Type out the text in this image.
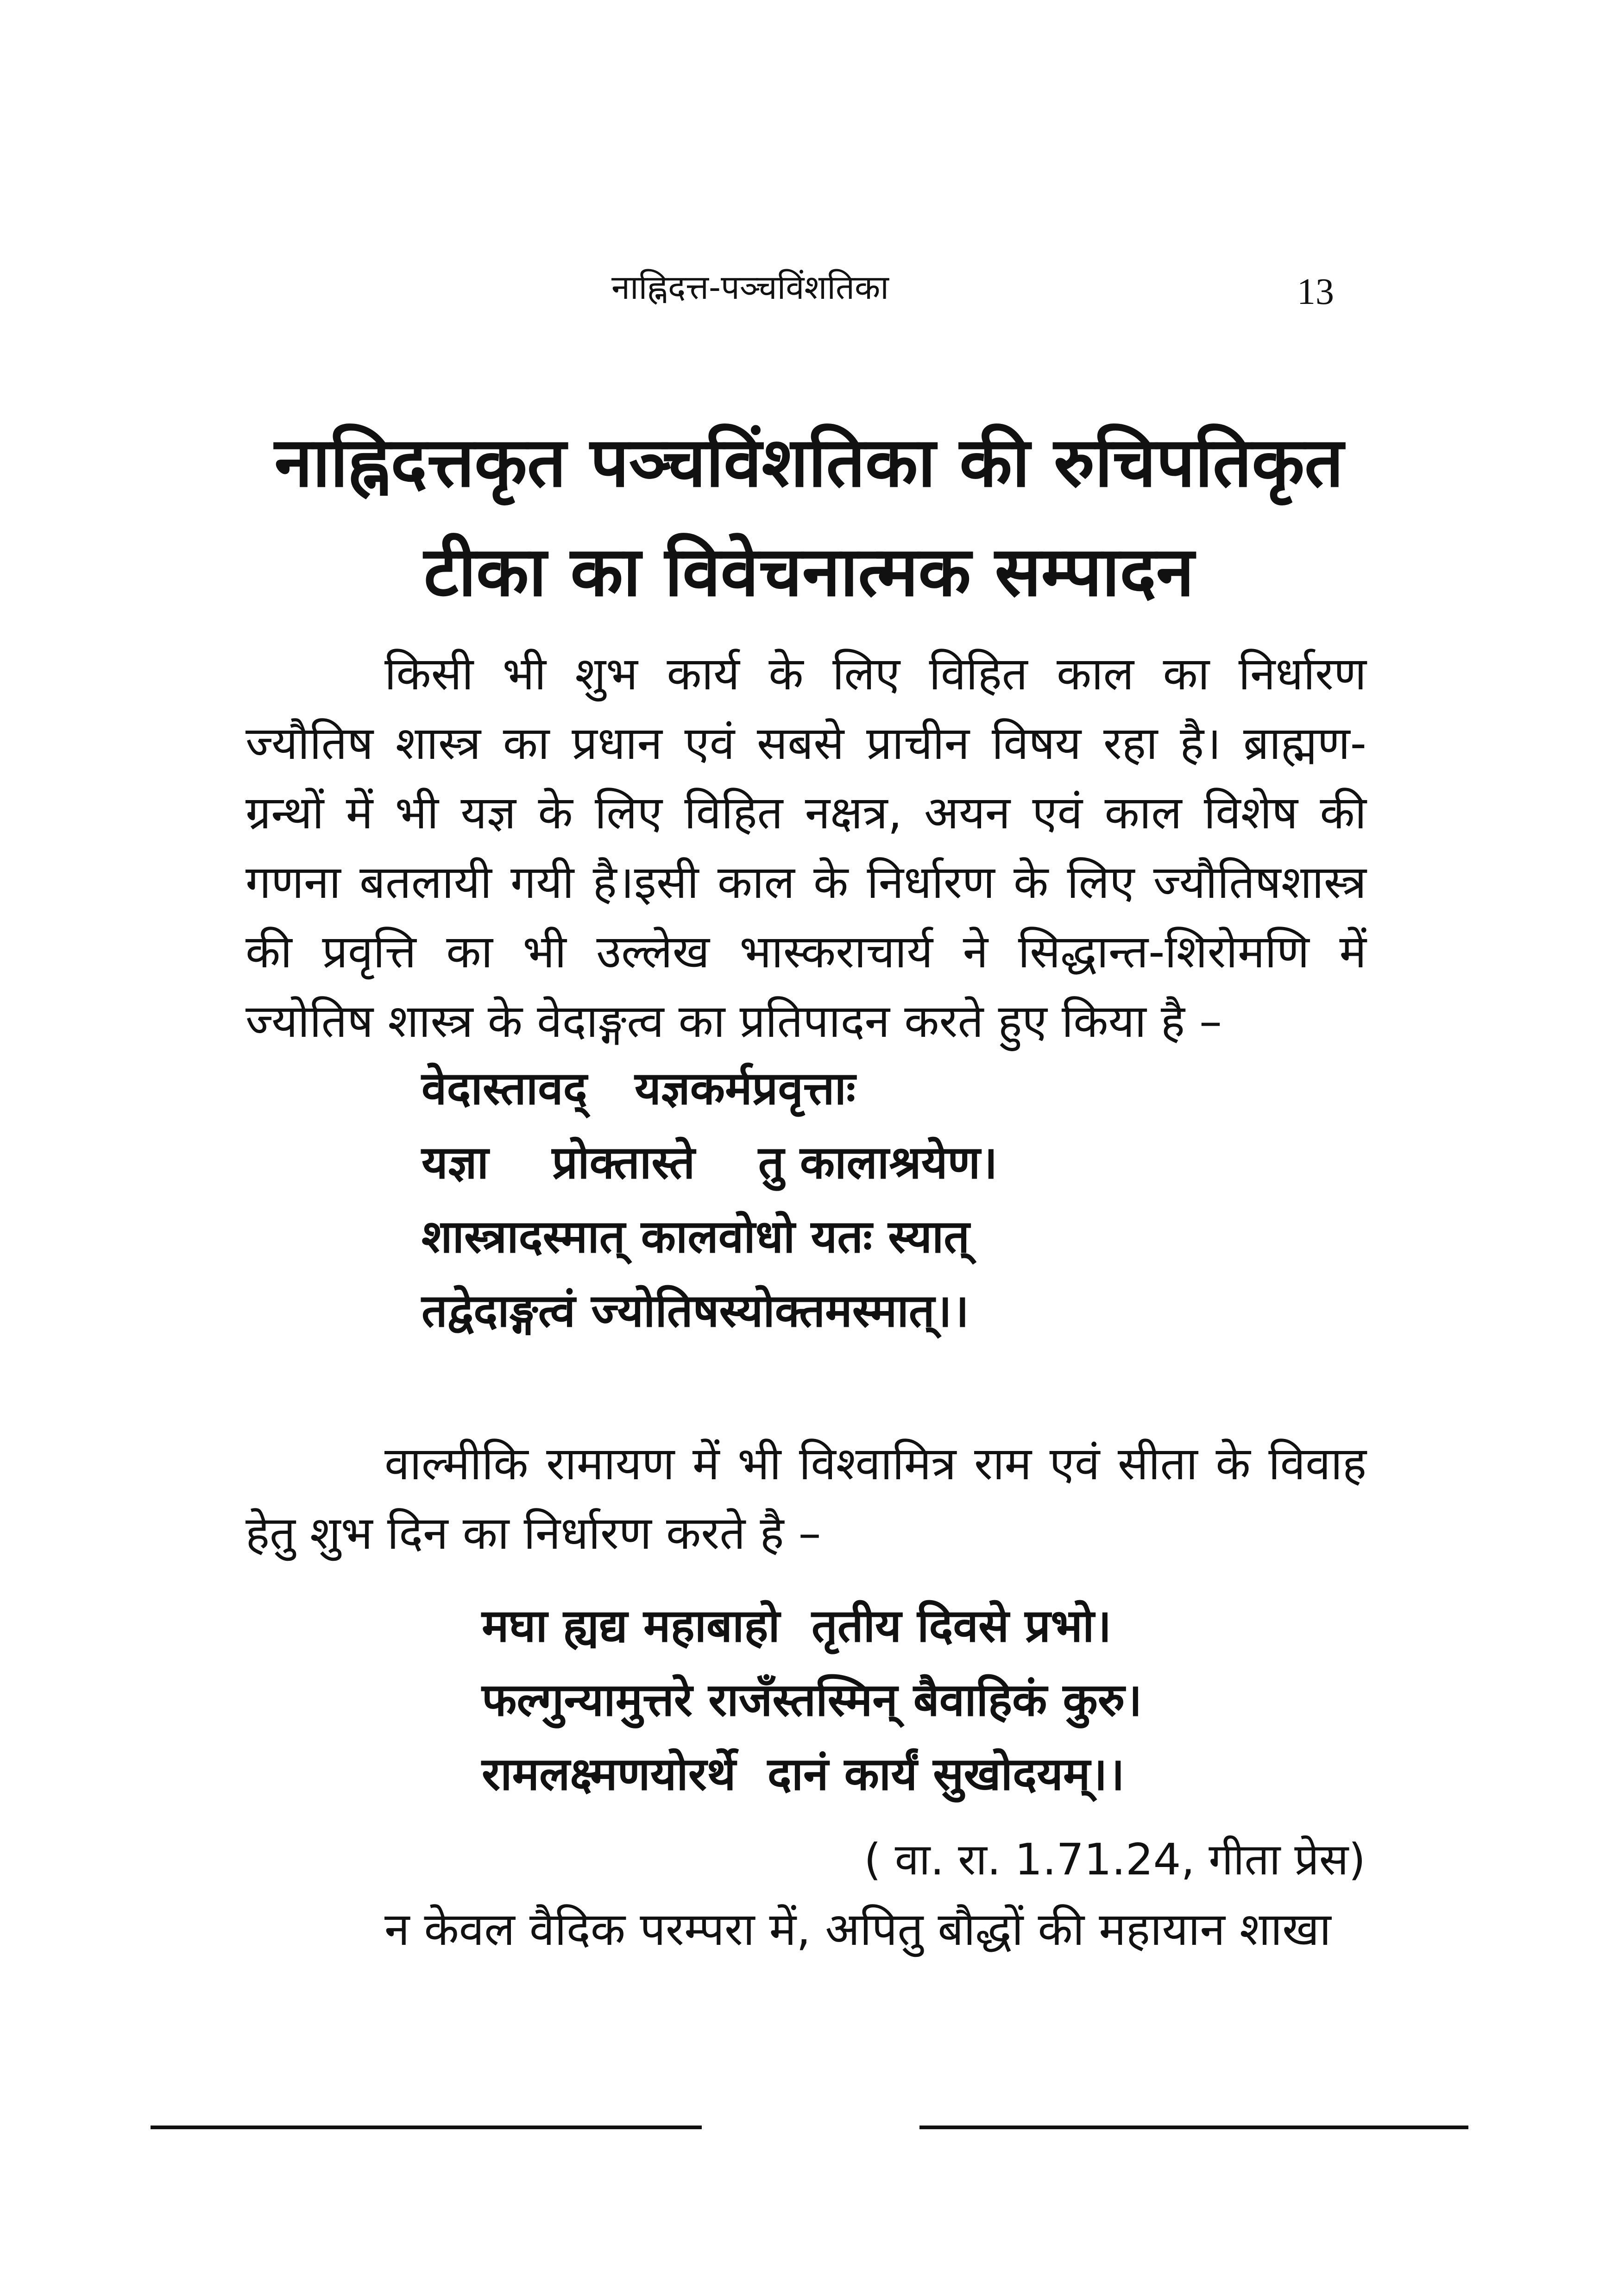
नाह्निदत्त-पञ्चविंशतिका	13
नाह्निदत्तकृत पञ्चविंशतिका की रुचिपतिकृत
टीका का विवेचनात्मक सम्पादन

किसी भी शुभ कार्य के लिए विहित काल का निर्धारण ज्यौतिष शास्त्र का प्रधान एवं सबसे प्राचीन विषय रहा है। ब्राह्मण-ग्रन्थों में भी यज्ञ के लिए विहित नक्षत्र, अयन एवं काल विशेष की गणना बतलायी गयी है।इसी काल के निर्धारण के लिए ज्यौतिषशास्त्र की प्रवृत्ति का भी उल्लेख भास्कराचार्य ने सिद्धान्त-शिरोमणि में ज्योतिष शास्त्र के वेदाङ्गत्व का प्रतिपादन करते हुए किया है –

वेदास्तावद्   यज्ञकर्मप्रवृत्ताः
यज्ञा    प्रोक्तास्ते    तु कालाश्रयेण।
शास्त्रादस्मात् कालवोधो यतः स्यात्
तद्वेदाङ्गत्वं ज्योतिषस्योक्तमस्मात्।।

वाल्मीकि रामायण में भी विश्वामित्र राम एवं सीता के विवाह हेतु शुभ दिन का निर्धारण करते है –

मघा ह्यद्य महाबाहो  तृतीय दिवसे प्रभो।
फल्गुन्यामुत्तरे राजँस्तस्मिन् बैवाहिकं कुरु।
रामलक्ष्मणयोरर्थे  दानं कार्यं सुखोदयम्।।
( वा. रा. 1.71.24, गीता प्रेस)

न केवल वैदिक परम्परा में, अपितु बौद्धों की महायान शाखा
